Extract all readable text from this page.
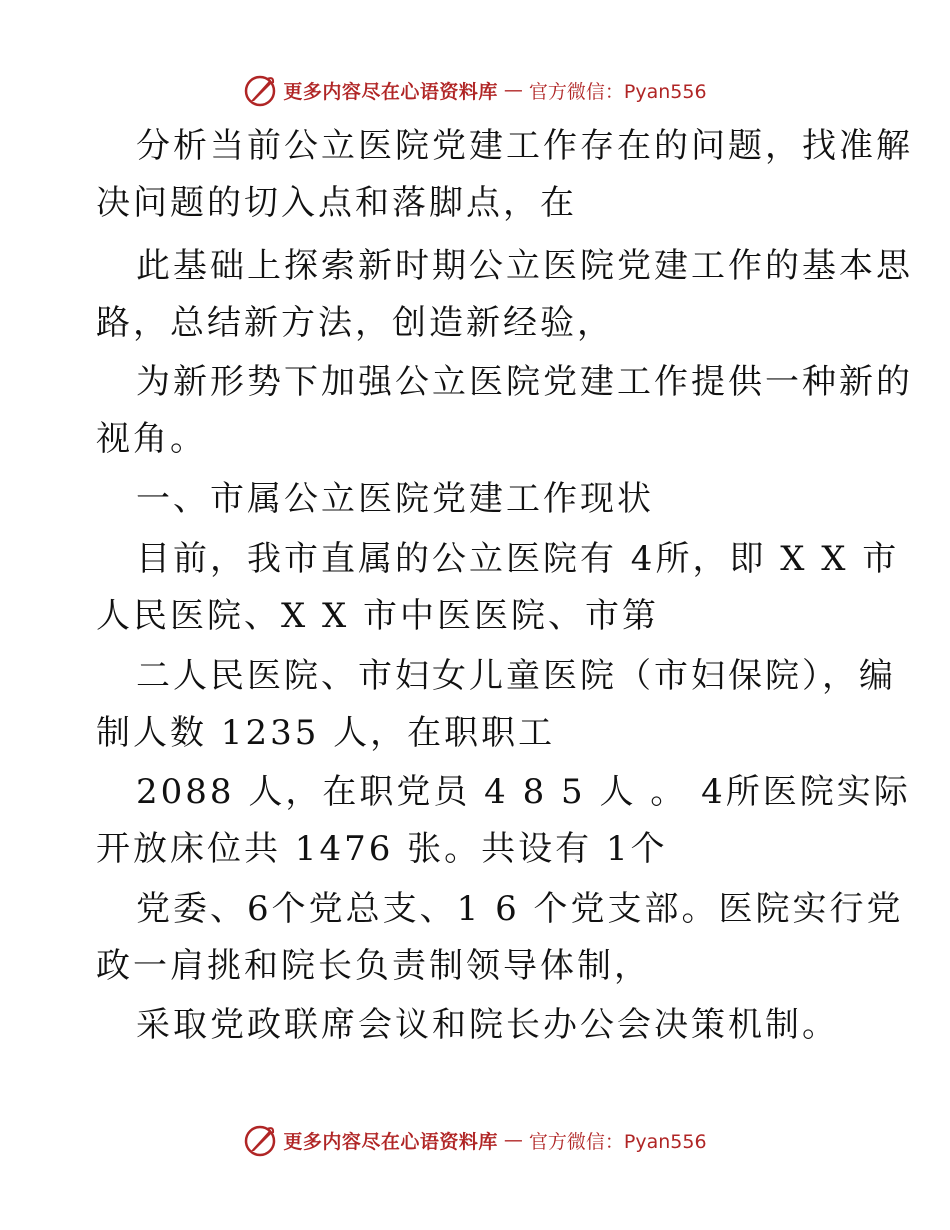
更多内容尽在心语资料库 — 官方微信：Pyan556
分析当前公立医院党建工作存在的问题，找准解
决问题的切入点和落脚点，在
此基础上探索新时期公立医院党建工作的基本思
路，总结新方法，创造新经验，
为新形势下加强公立医院党建工作提供一种新的
视角。
一、市属公立医院党建工作现状
目前，我市直属的公立医院有 4所，即 X X 市
人民医院、X X 市中医医院、市第
二人民医院、市妇女儿童医院（市妇保院），编
制人数 1235 人，在职职工
2088 人，在职党员 4 8 5 人 。 4所医院实际
开放床位共 1476 张。共设有 1个
党委、6个党总支、1 6 个党支部。医院实行党
政一肩挑和院长负责制领导体制，
采取党政联席会议和院长办公会决策机制。
更多内容尽在心语资料库 — 官方微信：Pyan556
